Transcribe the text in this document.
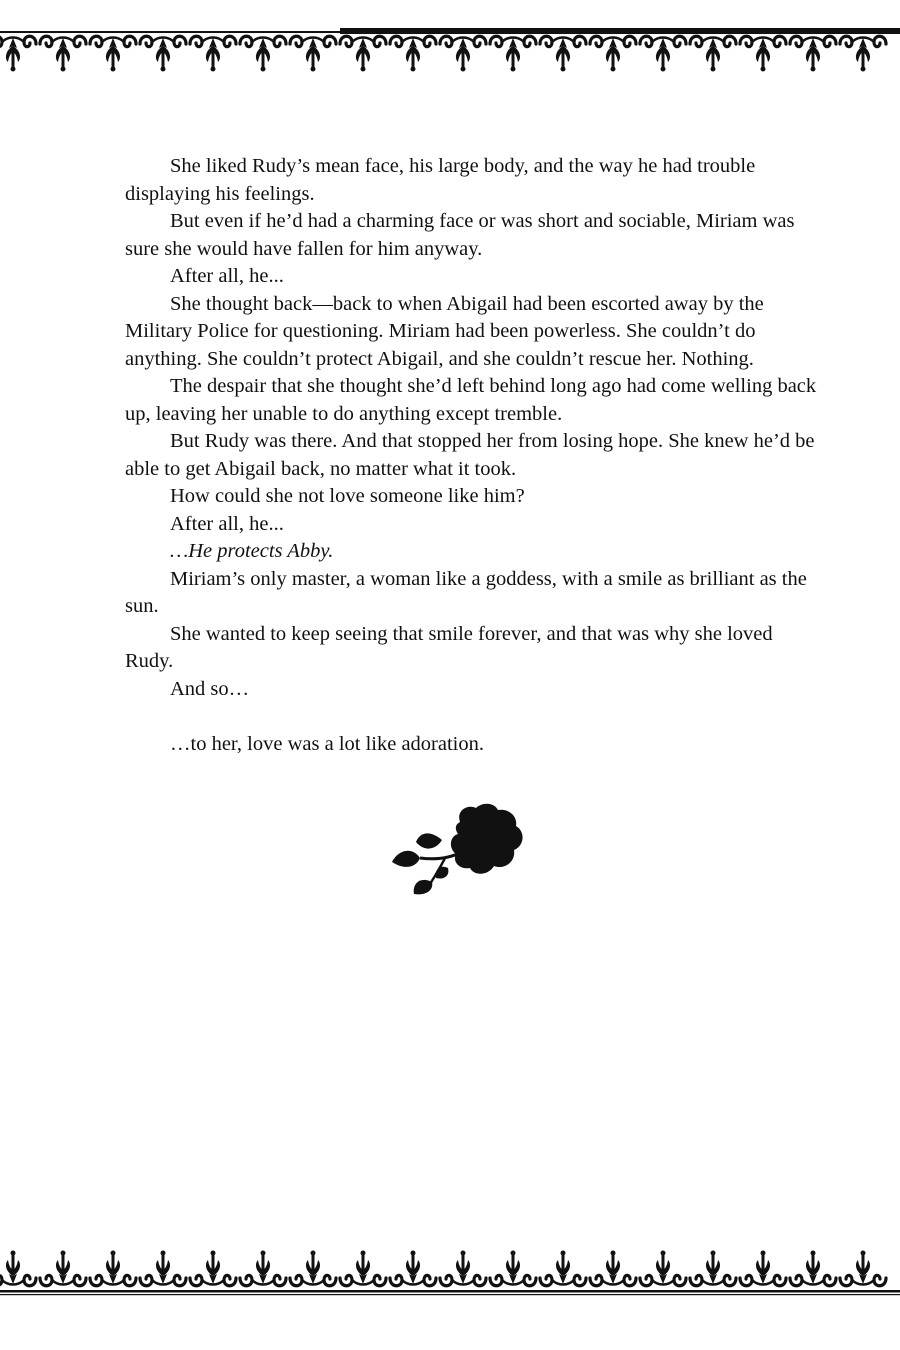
She liked Rudy’s mean face, his large body, and the way he had trouble displaying his feelings.

But even if he’d had a charming face or was short and sociable, Miriam was sure she would have fallen for him anyway.

After all, he...

She thought back—back to when Abigail had been escorted away by the Military Police for questioning. Miriam had been powerless. She couldn’t do anything. She couldn’t protect Abigail, and she couldn’t rescue her. Nothing.

The despair that she thought she’d left behind long ago had come welling back up, leaving her unable to do anything except tremble.

But Rudy was there. And that stopped her from losing hope. She knew he’d be able to get Abigail back, no matter what it took.

How could she not love someone like him?

After all, he...

…He protects Abby.

Miriam’s only master, a woman like a goddess, with a smile as brilliant as the sun.

She wanted to keep seeing that smile forever, and that was why she loved Rudy.

And so…

…to her, love was a lot like adoration.
